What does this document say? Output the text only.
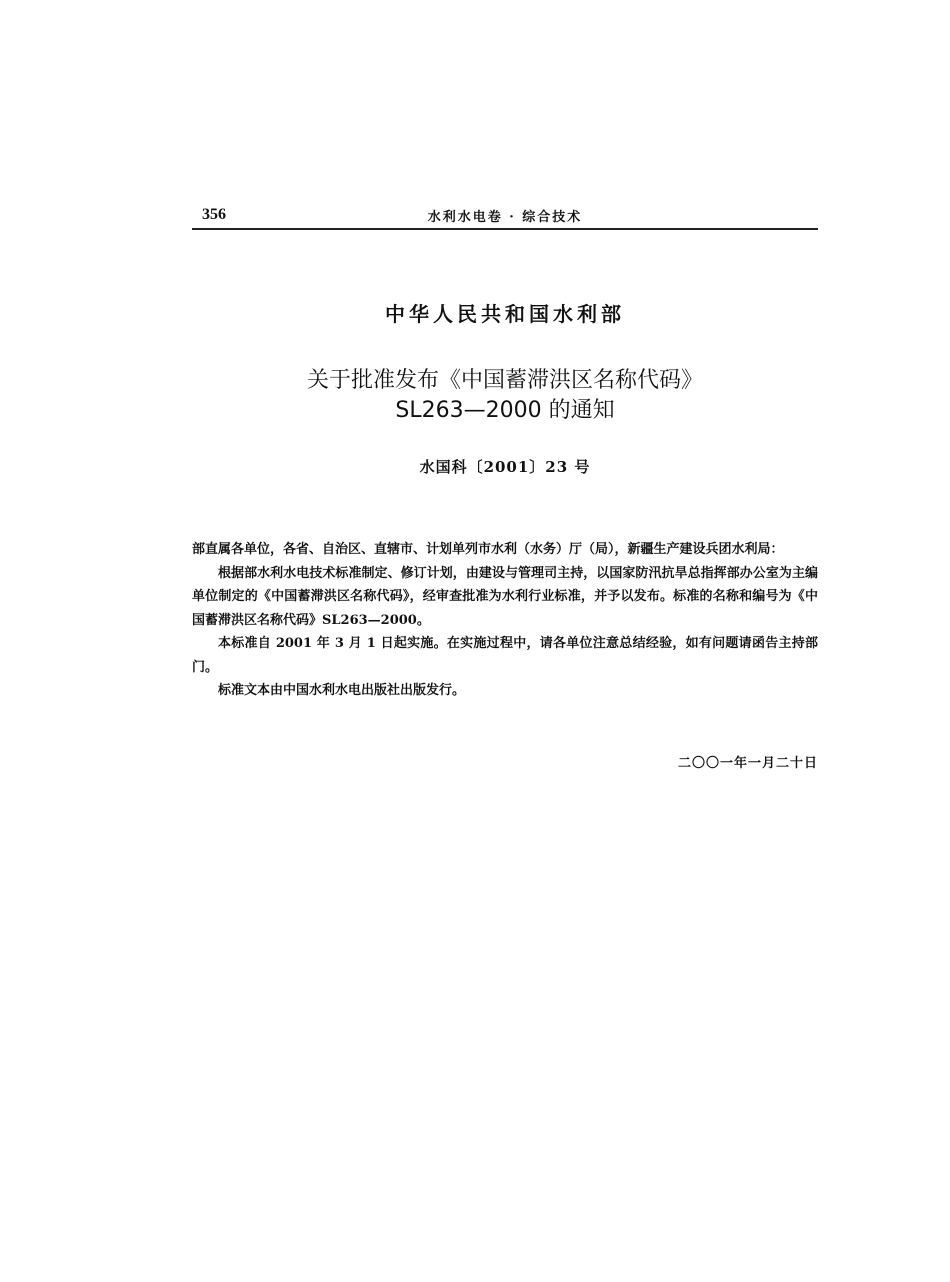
356	水利水电卷 · 综合技术
中华人民共和国水利部
关于批准发布《中国蓄滞洪区名称代码》
SL263—2000 的通知
水国科〔2001〕23 号

部直属各单位，各省、自治区、直辖市、计划单列市水利（水务）厅（局），新疆生产建设兵团水利局：

根据部水利水电技术标准制定、修订计划，由建设与管理司主持，以国家防汛抗旱总指挥部办公室为主编单位制定的《中国蓄滞洪区名称代码》，经审查批准为水利行业标准，并予以发布。标准的名称和编号为《中国蓄滞洪区名称代码》SL263—2000。

本标准自 2001 年 3 月 1 日起实施。在实施过程中，请各单位注意总结经验，如有问题请函告主持部门。

标准文本由中国水利水电出版社出版发行。

二〇〇一年一月二十日
